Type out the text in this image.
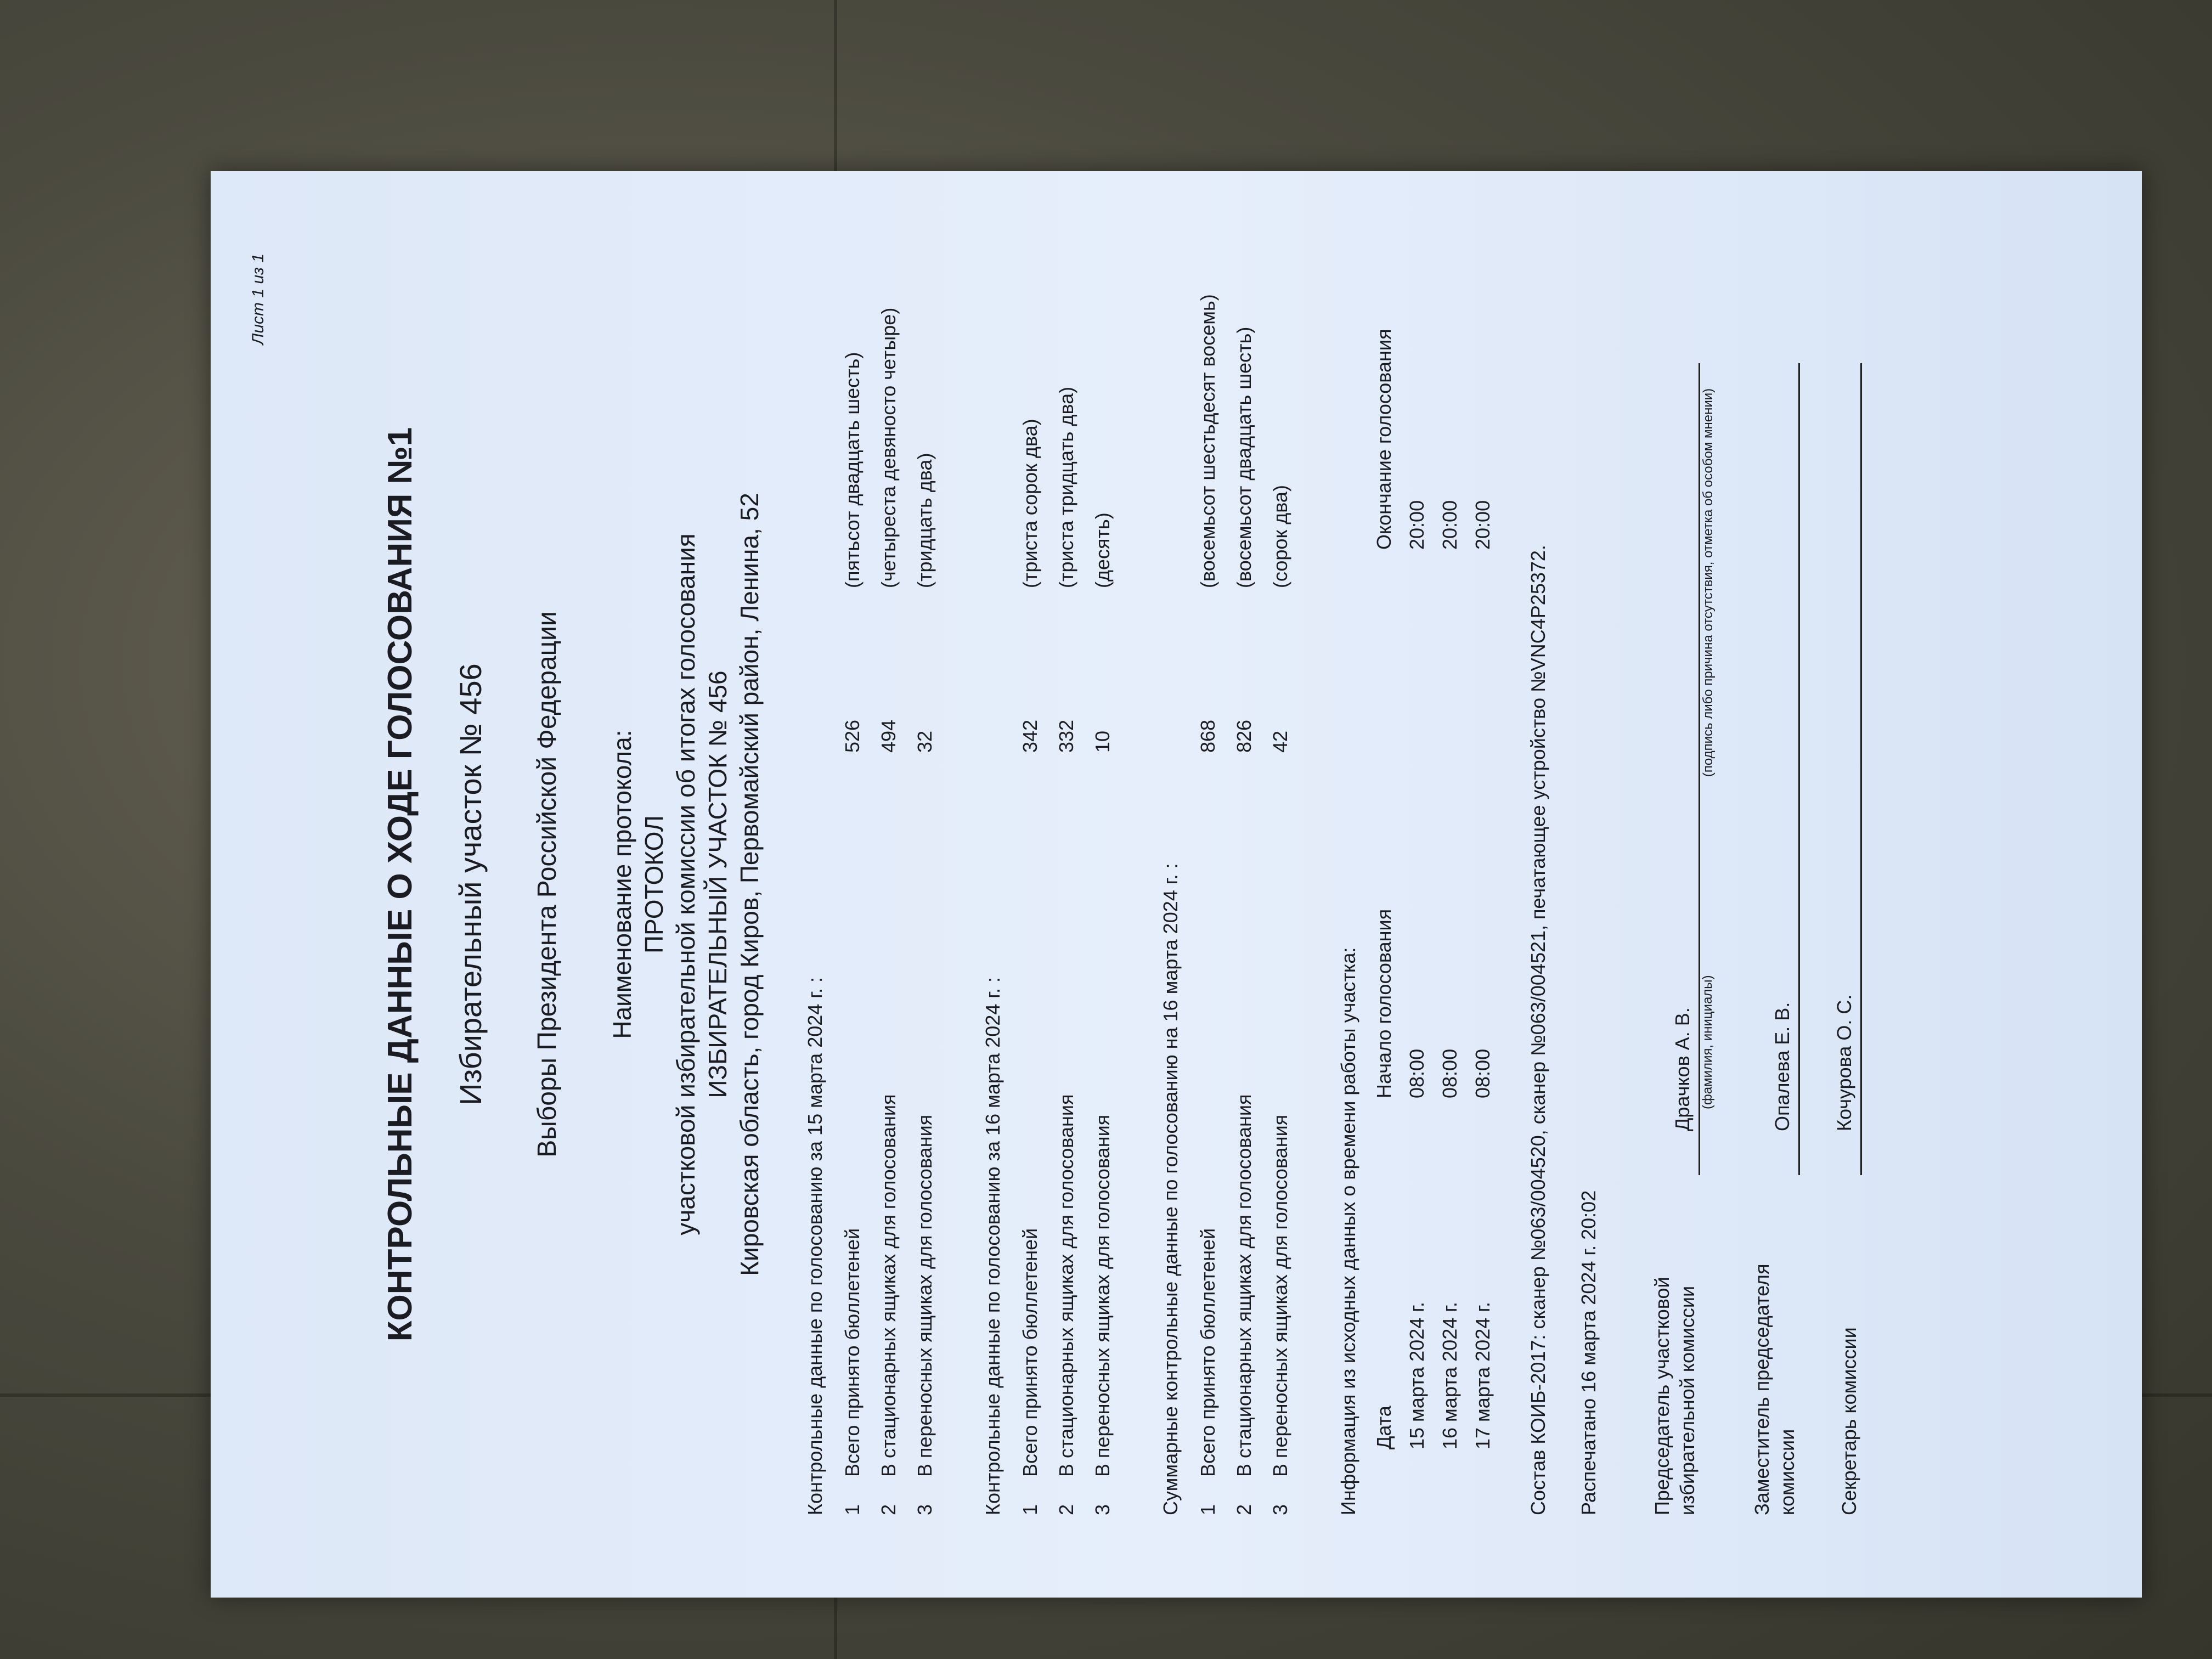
Лист 1 из 1
КОНТРОЛЬНЫЕ ДАННЫЕ О ХОДЕ ГОЛОСОВАНИЯ №1 Избирательный участок № 456 Выборы Президента Российской Федерации Наименование протокола: ПРОТОКОЛ участковой избирательной комиссии об итогах голосования ИЗБИРАТЕЛЬНЫЙ УЧАСТОК № 456 Кировская область, город Киров, Первомайский район, Ленина, 52 Контрольные данные по голосованию за 15 марта 2024 г. : 1
Всего принято бюллетеней
526
(пятьсот двадцать шесть)
2
В стационарных ящиках для голосования
494
(четыреста девяносто четыре)
3
В переносных ящиках для голосования
32
(тридцать два)
Контрольные данные по голосованию за 16 марта 2024 г. : 1
Всего принято бюллетеней
342
(триста сорок два)
2
В стационарных ящиках для голосования
332
(триста тридцать два)
3
В переносных ящиках для голосования
10
(десять)
Суммарные контрольные данные по голосованию на 16 марта 2024 г. : 1
Всего принято бюллетеней
868
(восемьсот шестьдесят восемь)
2
В стационарных ящиках для голосования
826
(восемьсот двадцать шесть)
3
В переносных ящиках для голосования
42
(сорок два)
Информация из исходных данных о времени работы участка: Дата
Начало голосования
Окончание голосования
15 марта 2024 г.
08:00
20:00
16 марта 2024 г.
08:00
20:00
17 марта 2024 г.
08:00
20:00
Состав КОИБ-2017: сканер №063/004520, сканер №063/004521, печатающее устройство №VNC4P25372. Распечатано 16 марта 2024 г. 20:02	Председатель участковой избирательной комиссии
Драчков А. В. (фамилия, инициалы)
(подпись либо причина отсутствия, отметка об особом мнении)
Заместитель председателя комиссии
Опалева Е. В.
Секретарь комиссии
Кочурова О. С.
